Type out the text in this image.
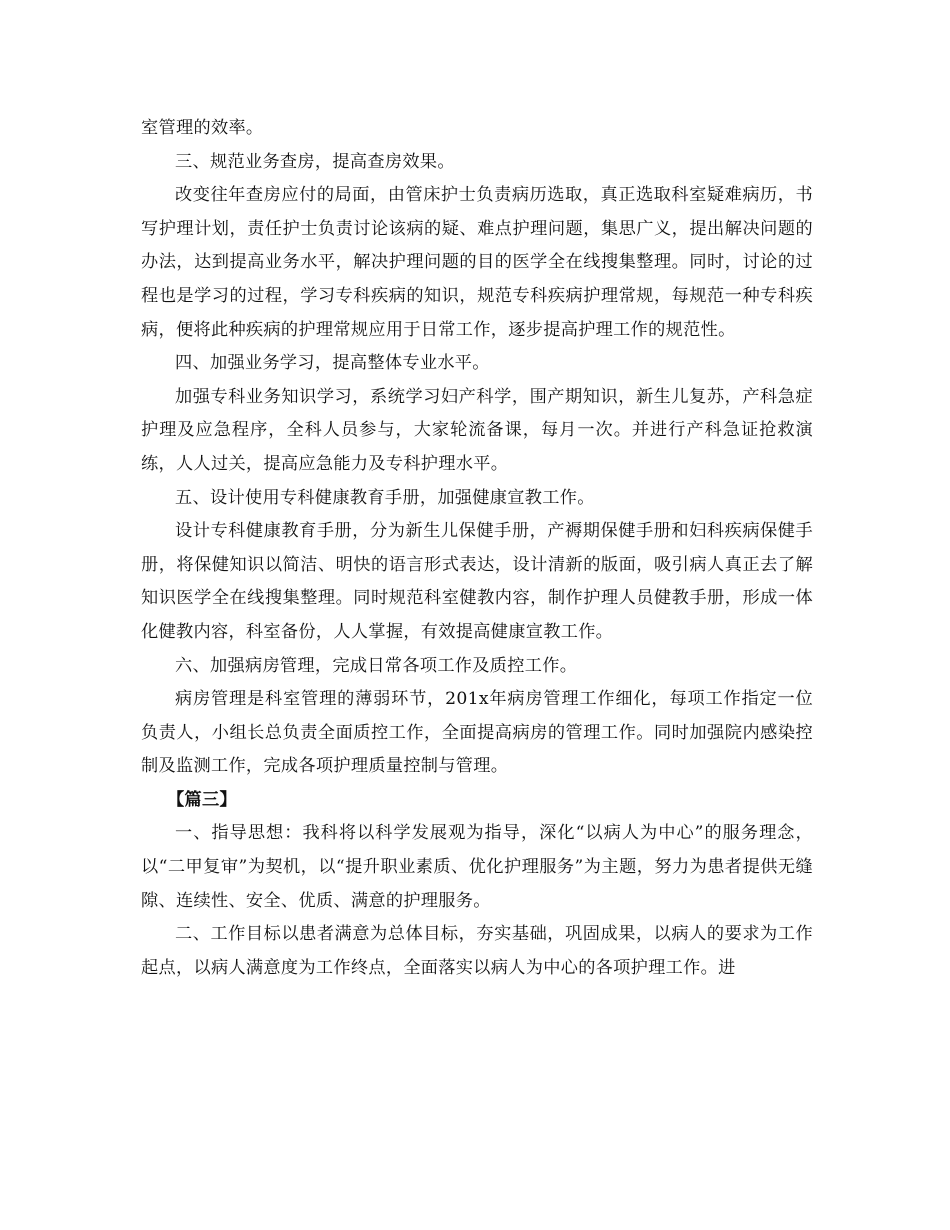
室管理的效率。

三、规范业务查房，提高查房效果。

改变往年查房应付的局面，由管床护士负责病历选取，真正选取科室疑难病历，书写护理计划，责任护士负责讨论该病的疑、难点护理问题，集思广义，提出解决问题的办法，达到提高业务水平，解决护理问题的目的医学全在线搜集整理。同时，讨论的过程也是学习的过程，学习专科疾病的知识，规范专科疾病护理常规，每规范一种专科疾病，便将此种疾病的护理常规应用于日常工作，逐步提高护理工作的规范性。

四、加强业务学习，提高整体专业水平。

加强专科业务知识学习，系统学习妇产科学，围产期知识，新生儿复苏，产科急症护理及应急程序，全科人员参与，大家轮流备课，每月一次。并进行产科急证抢救演练，人人过关，提高应急能力及专科护理水平。

五、设计使用专科健康教育手册，加强健康宣教工作。

设计专科健康教育手册，分为新生儿保健手册，产褥期保健手册和妇科疾病保健手册，将保健知识以简洁、明快的语言形式表达，设计清新的版面，吸引病人真正去了解知识医学全在线搜集整理。同时规范科室健教内容，制作护理人员健教手册，形成一体化健教内容，科室备份，人人掌握，有效提高健康宣教工作。

六、加强病房管理，完成日常各项工作及质控工作。

病房管理是科室管理的薄弱环节，201x年病房管理工作细化，每项工作指定一位负责人，小组长总负责全面质控工作，全面提高病房的管理工作。同时加强院内感染控制及监测工作，完成各项护理质量控制与管理。

【篇三】

一、指导思想：我科将以科学发展观为指导，深化“以病人为中心”的服务理念，以“二甲复审”为契机，以“提升职业素质、优化护理服务”为主题，努力为患者提供无缝隙、连续性、安全、优质、满意的护理服务。

二、工作目标以患者满意为总体目标，夯实基础，巩固成果，以病人的要求为工作起点，以病人满意度为工作终点，全面落实以病人为中心的各项护理工作。进
